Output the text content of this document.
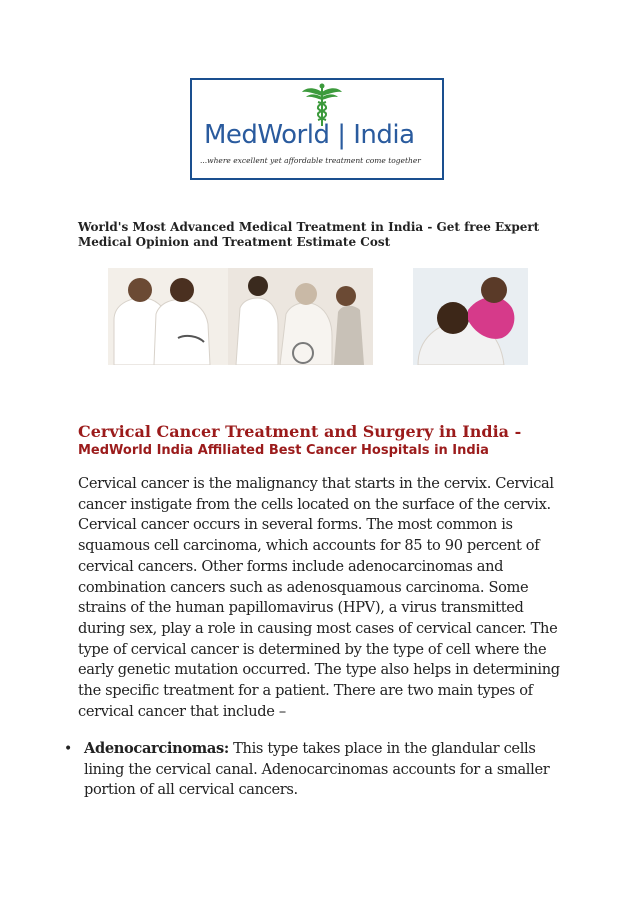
MedWorld | India
...where excellent yet affordable treatment come together
World's Most Advanced Medical Treatment in India - Get free Expert Medical Opinion and Treatment Estimate Cost
Cervical Cancer Treatment and Surgery in India -
MedWorld India Affiliated Best Cancer Hospitals in India
Cervical cancer is the malignancy that starts in the cervix. Cervical cancer instigate from the cells located on the surface of the cervix. Cervical cancer occurs in several forms. The most common is squamous cell carcinoma, which accounts for 85 to 90 percent of cervical cancers. Other forms include adenocarcinomas and combination cancers such as adenosquamous carcinoma. Some strains of the human papillomavirus (HPV), a virus transmitted during sex, play a role in causing most cases of cervical cancer. The type of cervical cancer is determined by the type of cell where the early genetic mutation occurred. The type also helps in determining the specific treatment for a patient. There are two main types of cervical cancer that include –
• Adenocarcinomas: This type takes place in the glandular cells lining the cervical canal. Adenocarcinomas accounts for a smaller portion of all cervical cancers.
